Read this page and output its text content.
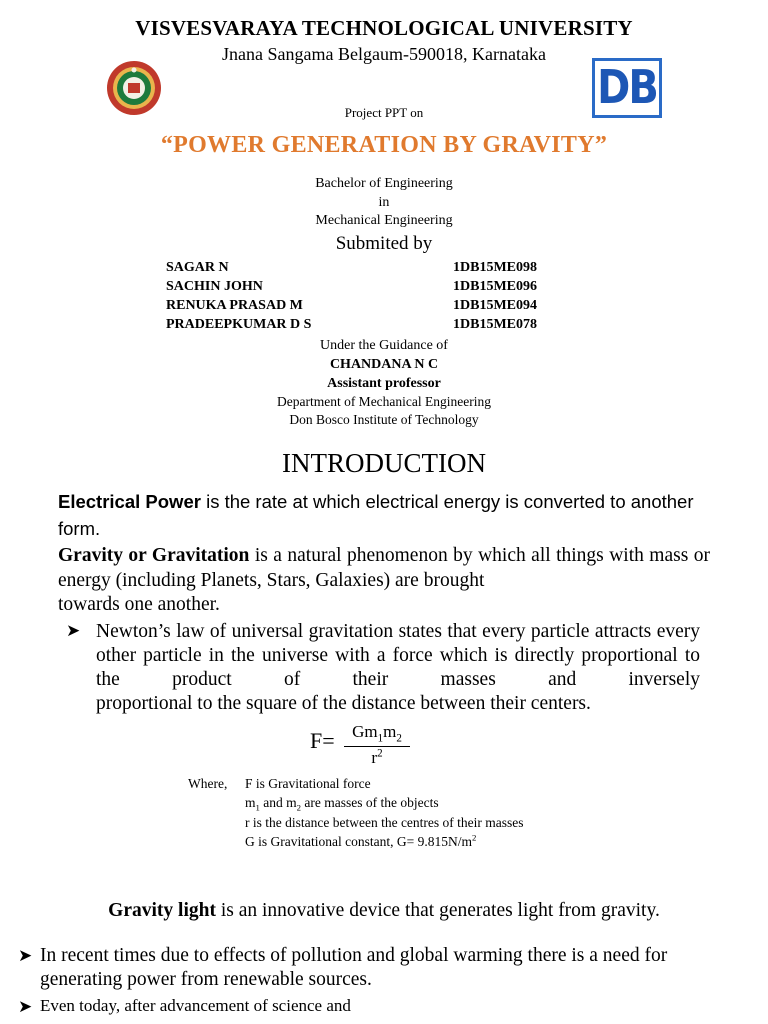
VISVESVARAYA TECHNOLOGICAL UNIVERSITY
Jnana Sangama Belgaum-590018, Karnataka
DB
Project PPT on
“POWER GENERATION BY GRAVITY”
Bachelor of Engineering
in
Mechanical Engineering
Submited by
SAGAR N	1DB15ME098
SACHIN JOHN	1DB15ME096
RENUKA PRASAD M	1DB15ME094
PRADEEPKUMAR D S	1DB15ME078
Under the Guidance of
CHANDANA N C
Assistant professor
Department of Mechanical Engineering
Don Bosco Institute of Technology
INTRODUCTION
Electrical Power is the rate at which electrical energy is converted to another form.
Gravity or Gravitation is a natural phenomenon by which all things with mass or energy (including Planets, Stars, Galaxies) are brought
towards one another.
➤ Newton’s law of universal gravitation states that every particle attracts every other particle in the universe with a force which is directly proportional to the product of their masses and inversely
proportional to the square of the distance between their centers.
F=	$Gm_1m_2$
$r^2$
Where, F is Gravitational force
$m_1$ and $m_2$ are masses of the objects
r is the distance between the centres of their masses
G is Gravitational constant, $G= 9.815N/m^2$
Gravity light is an innovative device that generates light from gravity.
➤ In recent times due to effects of pollution and global warming there is a need for generating power from renewable sources.
➤ Even today, after advancement of science and
